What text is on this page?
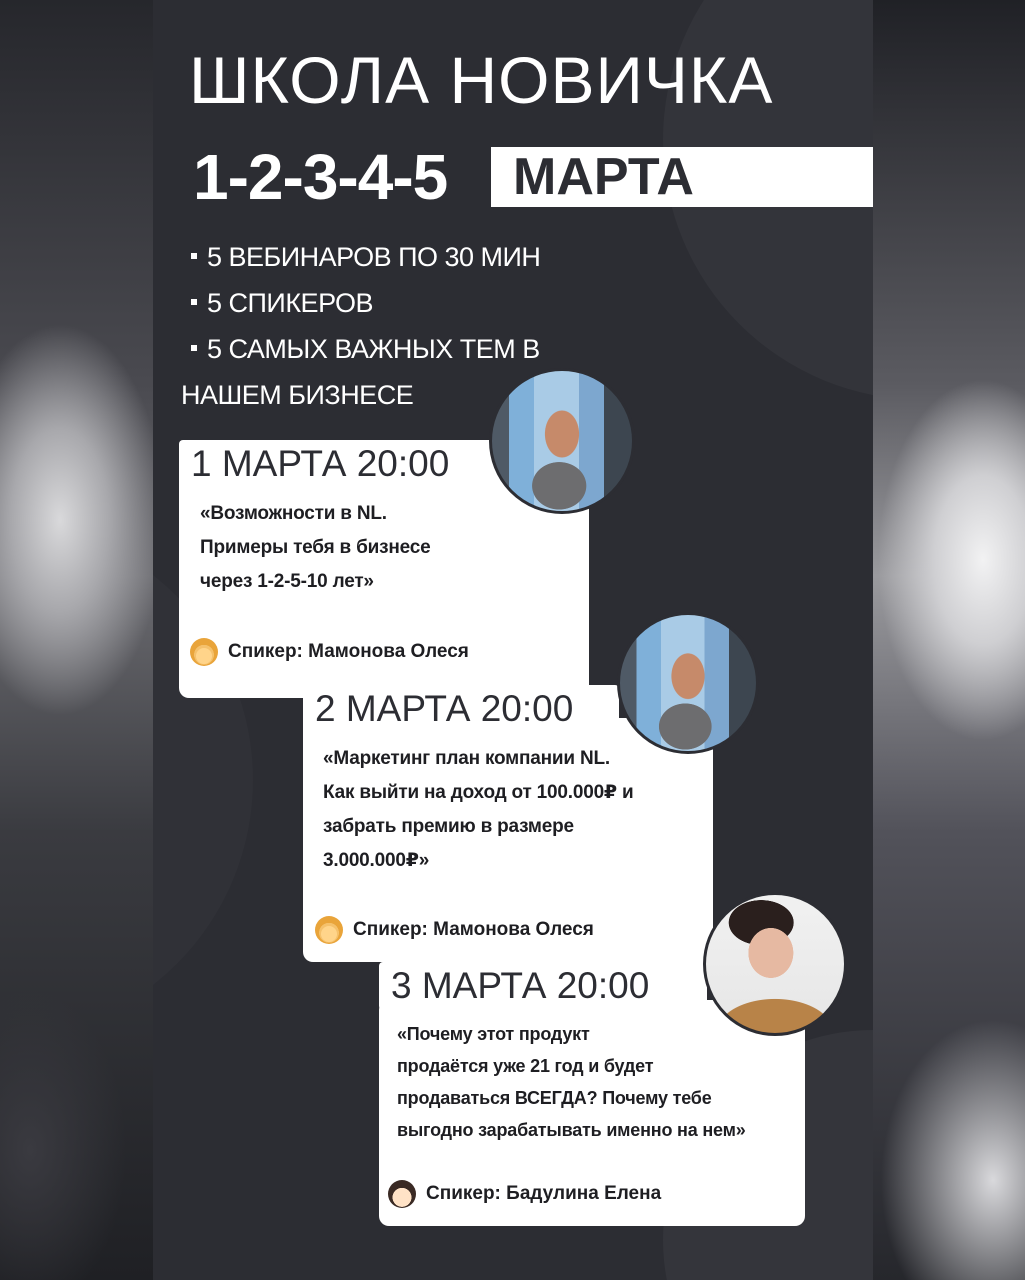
ШКОЛА НОВИЧКА
1-2-3-4-5	МАРТА
5 ВЕБИНАРОВ ПО 30 МИН
5 СПИКЕРОВ
5 САМЫХ ВАЖНЫХ ТЕМ В
НАШЕМ БИЗНЕСЕ
1 МАРТА 20:00
«Возможности в NL.
Примеры тебя в бизнесе
через 1-2-5-10 лет»
Спикер: Мамонова Олеся
2 МАРТА 20:00
«Маркетинг план компании NL.
Как выйти на доход от 100.000₽ и
забрать премию в размере
3.000.000₽»
Спикер: Мамонова Олеся
3 МАРТА 20:00
«Почему этот продукт
продаётся уже 21 год и будет
продаваться ВСЕГДА? Почему тебе
выгодно зарабатывать именно на нем»
Спикер: Бадулина Елена
